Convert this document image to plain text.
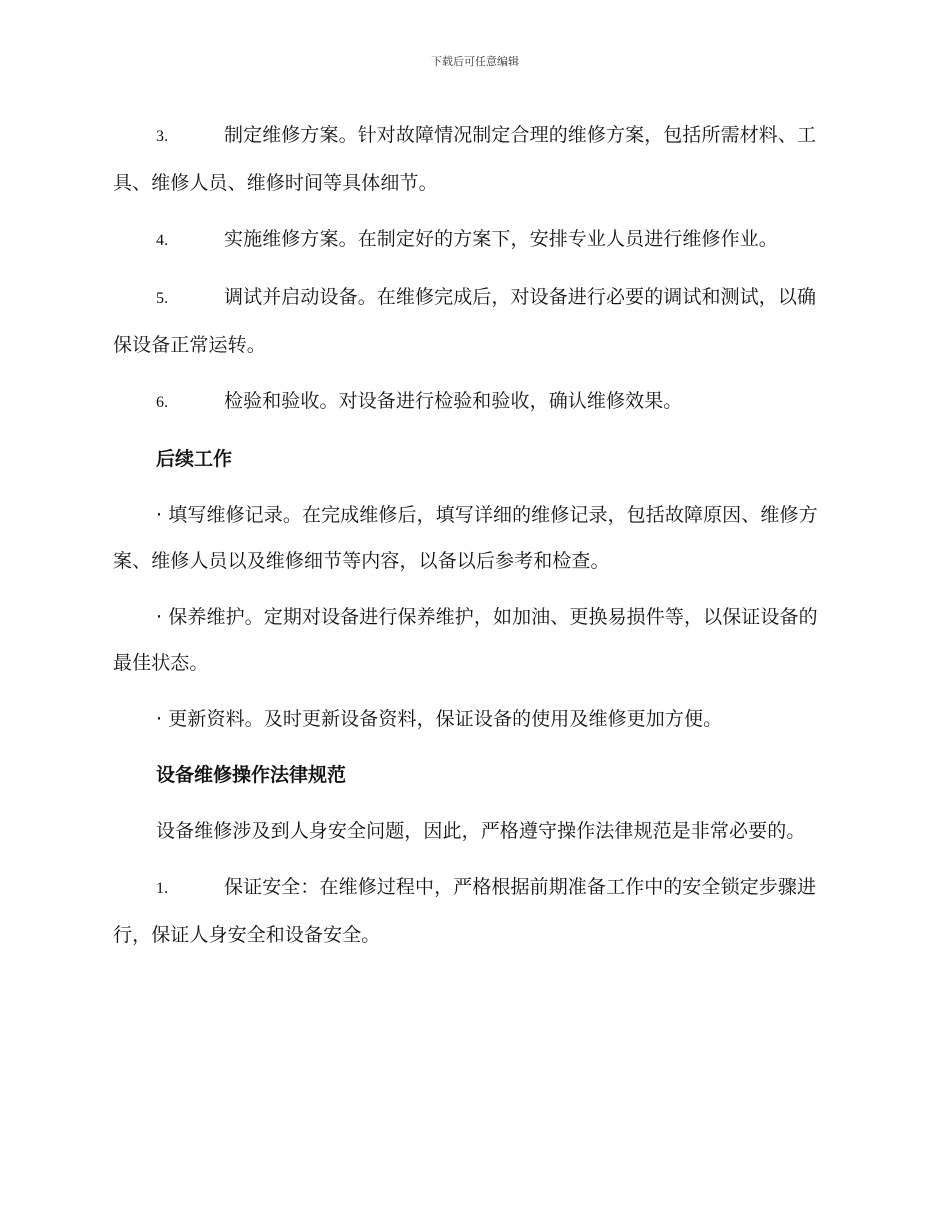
下载后可任意编辑

3.	制定维修方案。针对故障情况制定合理的维修方案，包括所需材料、工具、维修人员、维修时间等具体细节。

4.	实施维修方案。在制定好的方案下，安排专业人员进行维修作业。

5.	调试并启动设备。在维修完成后，对设备进行必要的调试和测试，以确保设备正常运转。

6.	检验和验收。对设备进行检验和验收，确认维修效果。

后续工作

· 填写维修记录。在完成维修后，填写详细的维修记录，包括故障原因、维修方案、维修人员以及维修细节等内容，以备以后参考和检查。

· 保养维护。定期对设备进行保养维护，如加油、更换易损件等，以保证设备的最佳状态。

· 更新资料。及时更新设备资料，保证设备的使用及维修更加方便。

设备维修操作法律规范

设备维修涉及到人身安全问题，因此，严格遵守操作法律规范是非常必要的。

1.	保证安全：在维修过程中，严格根据前期准备工作中的安全锁定步骤进行，保证人身安全和设备安全。
